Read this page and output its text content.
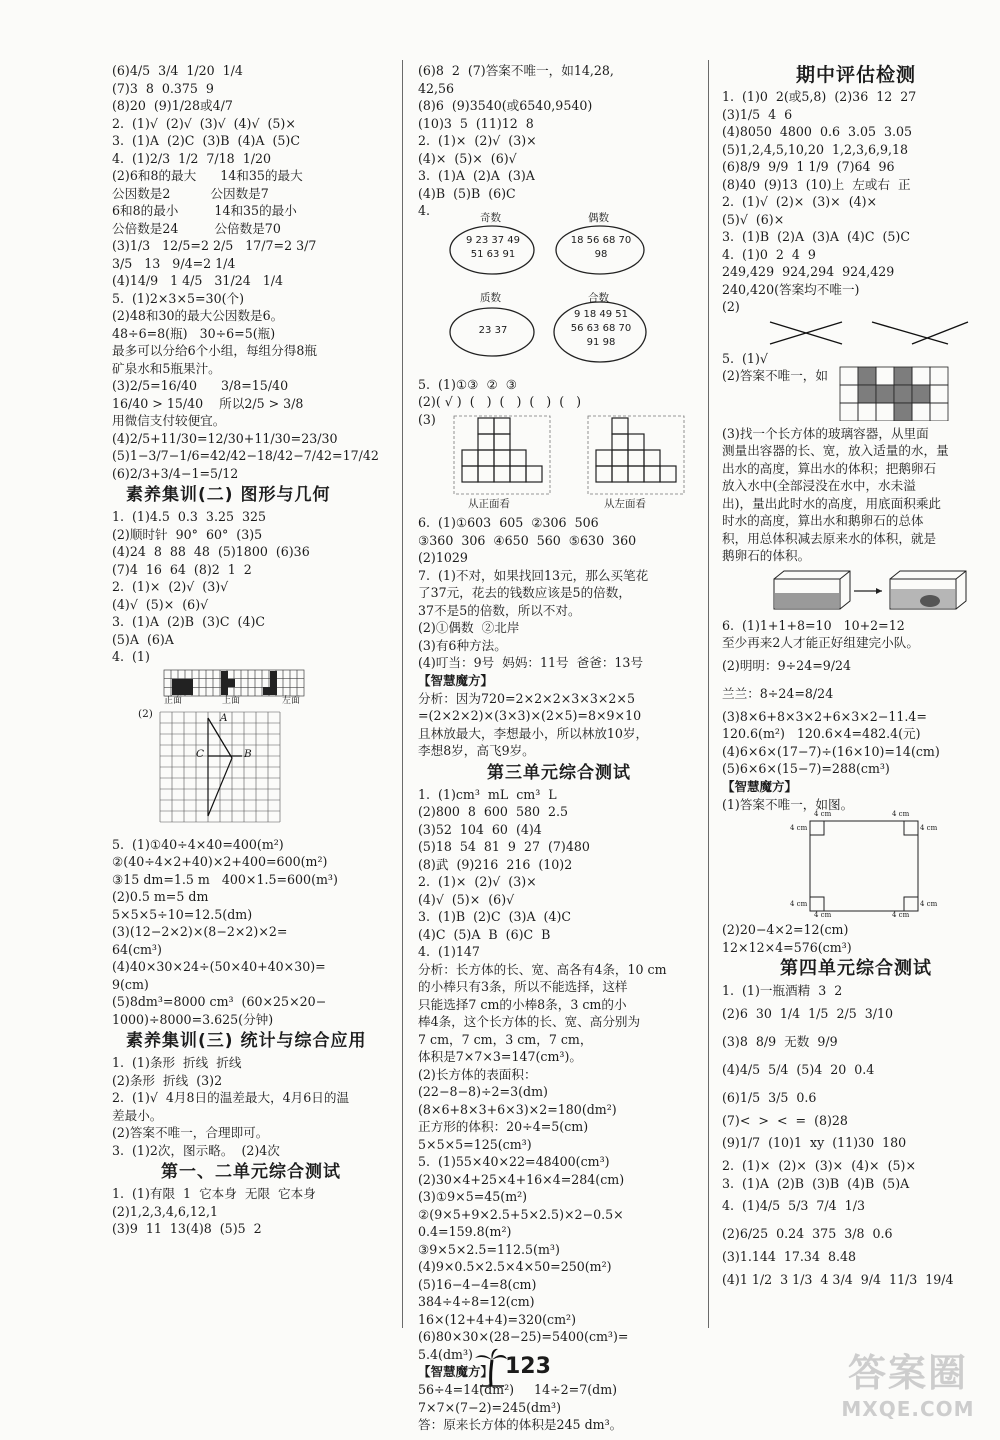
(6)4/5  3/4  1/20  1/4
(7)3  8  0.375  9
(8)20  (9)1/28或4/7
2.  (1)√  (2)√  (3)√  (4)√  (5)×
3.  (1)A  (2)C  (3)B  (4)A  (5)C
4.  (1)2/3  1/2  7/18  1/20
(2)6和8的最大      14和35的最大
公因数是2          公因数是7
6和8的最小         14和35的最小
公倍数是24         公倍数是70
(3)1/3   12/5=2 2/5   17/7=2 3/7
3/5   13   9/4=2 1/4
(4)14/9   1 4/5   31/24   1/4
5.  (1)2×3×5=30(个)
(2)48和30的最大公因数是6。
48÷6=8(瓶)   30÷6=5(瓶)
最多可以分给6个小组，每组分得8瓶
矿泉水和5瓶果汁。
(3)2/5=16/40      3/8=15/40
16/40 > 15/40    所以2/5 > 3/8
用微信支付较便宜。
(4)2/5+11/30=12/30+11/30=23/30
(5)1−3/7−1/6=42/42−18/42−7/42=17/42
(6)2/3+3/4−1=5/12
素养集训(二) 图形与几何
1.  (1)4.5  0.3  3.25  325
(2)顺时针  90°  60°  (3)5
(4)24  8  88  48  (5)1800  (6)36
(7)4  16  64  (8)2  1  2
2.  (1)×  (2)√  (3)√
(4)√  (5)×  (6)√
3.  (1)A  (2)B  (3)C  (4)C
(5)A  (6)A
4.  (1)
正面	上面	左面
(2)	A
C	B
5.  (1)①40÷4×40=400(m²)
②(40÷4×2+40)×2+400=600(m²)
③15 dm=1.5 m   400×1.5=600(m³)
(2)0.5 m=5 dm
5×5×5÷10=12.5(dm)
(3)(12−2×2)×(8−2×2)×2=
64(cm³)
(4)40×30×24÷(50×40+40×30)=
9(cm)
(5)8dm³=8000 cm³  (60×25×20−
1000)÷8000=3.625(分钟)
素养集训(三) 统计与综合应用
1.  (1)条形  折线  折线
(2)条形  折线  (3)2
2.  (1)√  4月8日的温差最大，4月6日的温
差最小。
(2)答案不唯一，合理即可。
3.  (1)2次，图示略。  (2)4次
第一、二单元综合测试
1.  (1)有限  1  它本身  无限  它本身
(2)1,2,3,4,6,12,1
(3)9  11  13(4)8  (5)5  2
(6)8  2  (7)答案不唯一，如14,28,
42,56
(8)6  (9)3540(或6540,9540)
(10)3  5  (11)12  8
2.  (1)×  (2)√  (3)×
(4)×  (5)×  (6)√
3.  (1)A  (2)A  (3)A
(4)B  (5)B  (6)C
4.	奇数	偶数
9 23 37 49
51 63 91
18 56 68 70
98
质数	合数
23 37
9 18 49 51
56 63 68 70
91 98
5.  (1)①③  ②  ③
(2)( √ )  (   )  (   )  (   )  (   )
(3)
从正面看	从左面看
6.  (1)①603  605  ②306  506
③360  306  ④650  560  ⑤630  360
(2)1029
7.  (1)不对，如果找回13元，那么买笔花
了37元，花去的钱数应该是5的倍数，
37不是5的倍数，所以不对。
(2)①偶数  ②北岸
(3)有6种方法。
(4)叮当：9号  妈妈：11号  爸爸：13号
【智慧魔方】
分析：因为720=2×2×2×3×3×2×5
=(2×2×2)×(3×3)×(2×5)=8×9×10
且林放最大，李想最小，所以林放10岁，
李想8岁，高飞9岁。
第三单元综合测试
1.  (1)cm³  mL  cm³  L
(2)800  8  600  580  2.5
(3)52  104  60  (4)4
(5)18  54  81  9  27  (7)480
(8)武  (9)216  216  (10)2
2.  (1)×  (2)√  (3)×
(4)√  (5)×  (6)√
3.  (1)B  (2)C  (3)A  (4)C
(4)C  (5)A  B  (6)C  B
4.  (1)147
分析：长方体的长、宽、高各有4条，10 cm
的小棒只有3条，所以不能选择，这样
只能选择7 cm的小棒8条，3 cm的小
棒4条，这个长方体的长、宽、高分别为
7 cm，7 cm，3 cm，7 cm，
体积是7×7×3=147(cm³)。
(2)长方体的表面积：
(22−8−8)÷2=3(dm)
(8×6+8×3+6×3)×2=180(dm²)
正方形的体积：20÷4=5(cm)
5×5×5=125(cm³)
5.  (1)55×40×22=48400(cm³)
(2)30×4+25×4+16×4=284(cm)
(3)①9×5=45(m²)
②(9×5+9×2.5+5×2.5)×2−0.5×
0.4=159.8(m²)
③9×5×2.5=112.5(m³)
(4)9×0.5×2.5×4×50=250(m²)
(5)16−4−4=8(cm)
384÷4÷8=12(cm)
16×(12+4+4)=320(cm²)
(6)80×30×(28−25)=5400(cm³)=
5.4(dm³)
【智慧魔方】
56÷4=14(dm²)     14÷2=7(dm)
7×7×(7−2)=245(dm³)
答：原来长方体的体积是245 dm³。
期中评估检测
1.  (1)0  2(或5,8)  (2)36  12  27
(3)1/5  4  6
(4)8050  4800  0.6  3.05  3.05
(5)1,2,4,5,10,20  1,2,3,6,9,18
(6)8/9  9/9  1 1/9  (7)64  96
(8)40  (9)13  (10)上  左或右  正
2.  (1)√  (2)×  (3)×  (4)×
(5)√  (6)×
3.  (1)B  (2)A  (3)A  (4)C  (5)C
4.  (1)0  2  4  9
249,429  924,294  924,429
240,420(答案均不唯一)
(2)
5.  (1)√
(2)答案不唯一，如
(3)找一个长方体的玻璃容器，从里面
测量出容器的长、宽，放入适量的水，量
出水的高度，算出水的体积；把鹅卵石
放入水中(全部浸没在水中，水未溢
出)，量出此时水的高度，用底面积乘此
时水的高度，算出水和鹅卵石的总体
积，用总体积减去原来水的体积，就是
鹅卵石的体积。
6.  (1)1+1+8=10   10+2=12
至少再来2人才能正好组建完小队。
(2)明明：9÷24=9/24
兰兰：8÷24=8/24
(3)8×6+8×3×2+6×3×2−11.4=
120.6(m²)   120.6×4=482.4(元)
(4)6×6×(17−7)÷(16×10)=14(cm)
(5)6×6×(15−7)=288(cm³)
【智慧魔方】
(1)答案不唯一，如图。
4 cm	4 cm
4 cm	4 cm
4 cm	4 cm
4 cm	4 cm
(2)20−4×2=12(cm)
12×12×4=576(cm³)
第四单元综合测试
1.  (1)一瓶酒精  3  2
(2)6  30  1/4  1/5  2/5  3/10
(3)8  8/9  无数  9/9
(4)4/5  5/4  (5)4  20  0.4
(6)1/5  3/5  0.6
(7)<  >  <  =  (8)28
(9)1/7  (10)1  xy  (11)30  180
2.  (1)×  (2)×  (3)×  (4)×  (5)×
3.  (1)A  (2)B  (3)B  (4)B  (5)A
4.  (1)4/5  5/3  7/4  1/3
(2)6/25  0.24  375  3/8  0.6
(3)1.144  17.34  8.48
(4)1 1/2  3 1/3  4 3/4  9/4  11/3  19/4
123	答案圈
MXQE.COM
